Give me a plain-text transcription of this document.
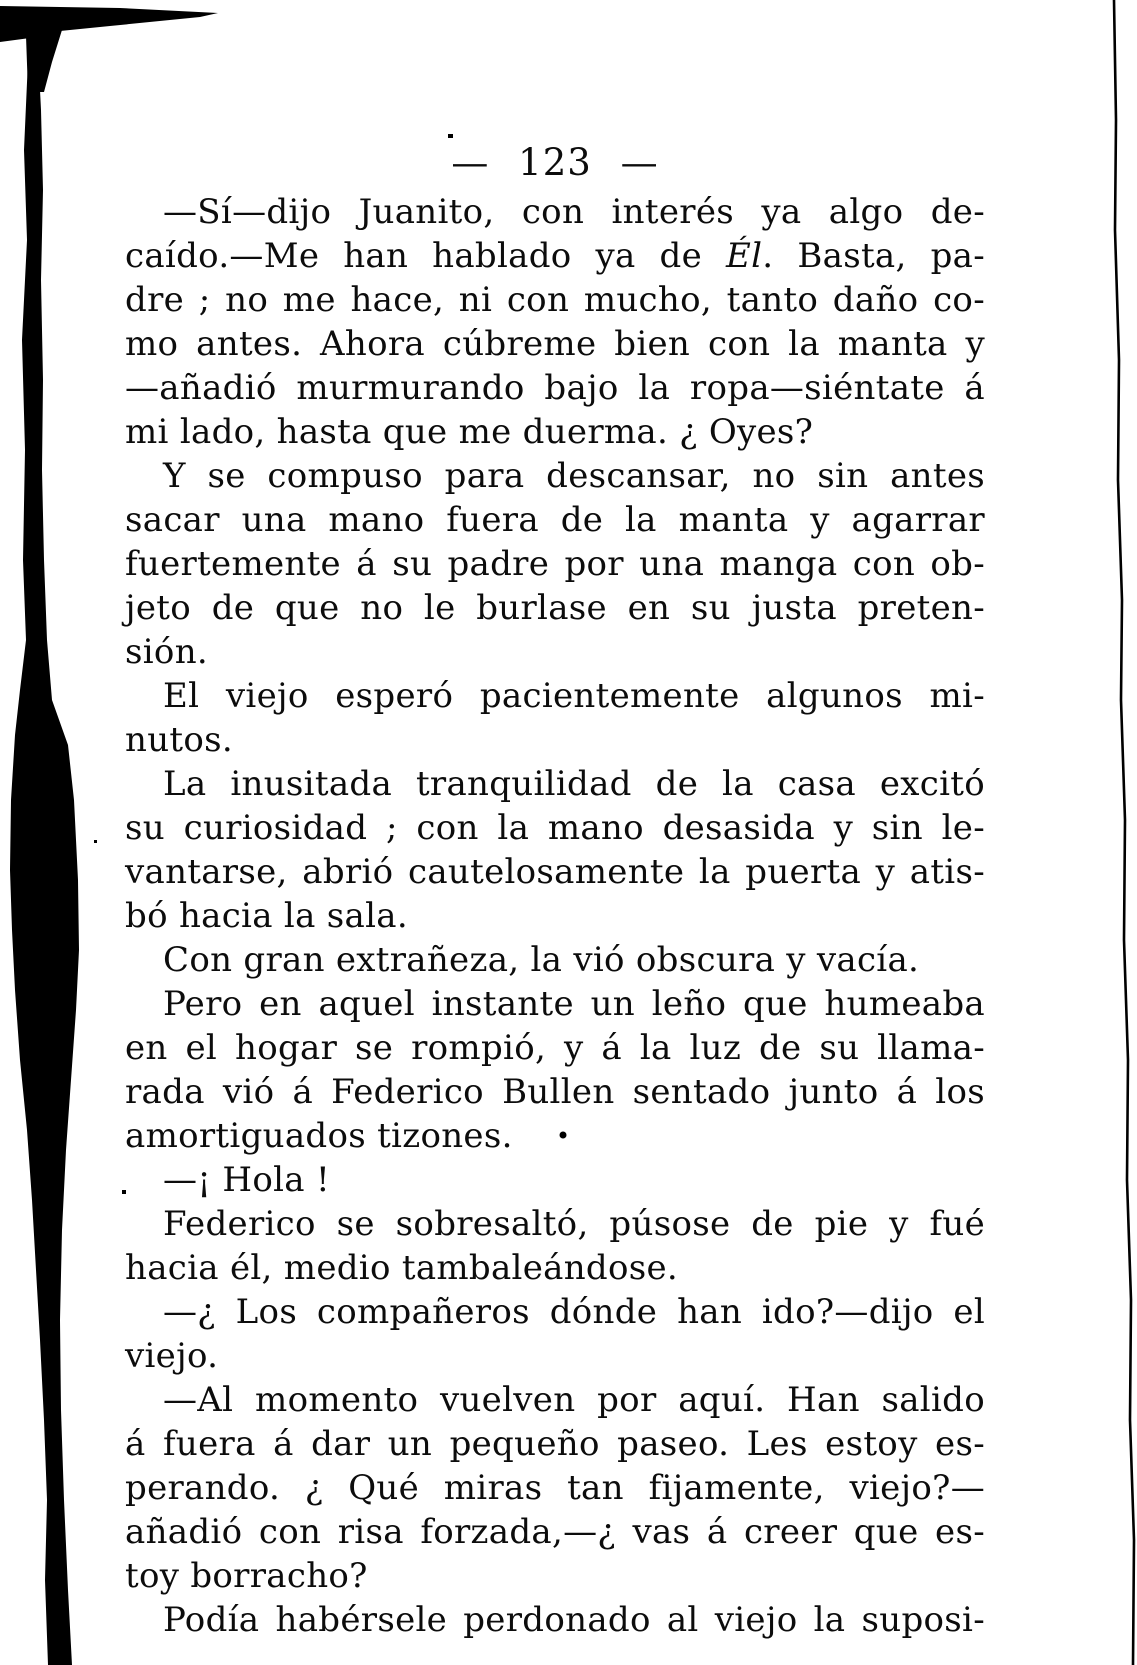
— 123 —
—Sí—dijo Juanito, con interés ya algo de-
caído.—Me han hablado ya de Él. Basta, pa-
dre ; no me hace, ni con mucho, tanto daño co-
mo antes. Ahora cúbreme bien con la manta y
—añadió murmurando bajo la ropa—siéntate á
mi lado, hasta que me duerma. ¿ Oyes?
Y se compuso para descansar, no sin antes
sacar una mano fuera de la manta y agarrar
fuertemente á su padre por una manga con ob-
jeto de que no le burlase en su justa preten-
sión.
El viejo esperó pacientemente algunos mi-
nutos.
La inusitada tranquilidad de la casa excitó
su curiosidad ; con la mano desasida y sin le-
vantarse, abrió cautelosamente la puerta y atis-
bó hacia la sala.
Con gran extrañeza, la vió obscura y vacía.
Pero en aquel instante un leño que humeaba
en el hogar se rompió, y á la luz de su llama-
rada vió á Federico Bullen sentado junto á los
amortiguados tizones.
—¡ Hola !
Federico se sobresaltó, púsose de pie y fué
hacia él, medio tambaleándose.
—¿ Los compañeros dónde han ido?—dijo el
viejo.
—Al momento vuelven por aquí. Han salido
á fuera á dar un pequeño paseo. Les estoy es-
perando. ¿ Qué miras tan fijamente, viejo?—
añadió con risa forzada,—¿ vas á creer que es-
toy borracho?
Podía habérsele perdonado al viejo la suposi-
